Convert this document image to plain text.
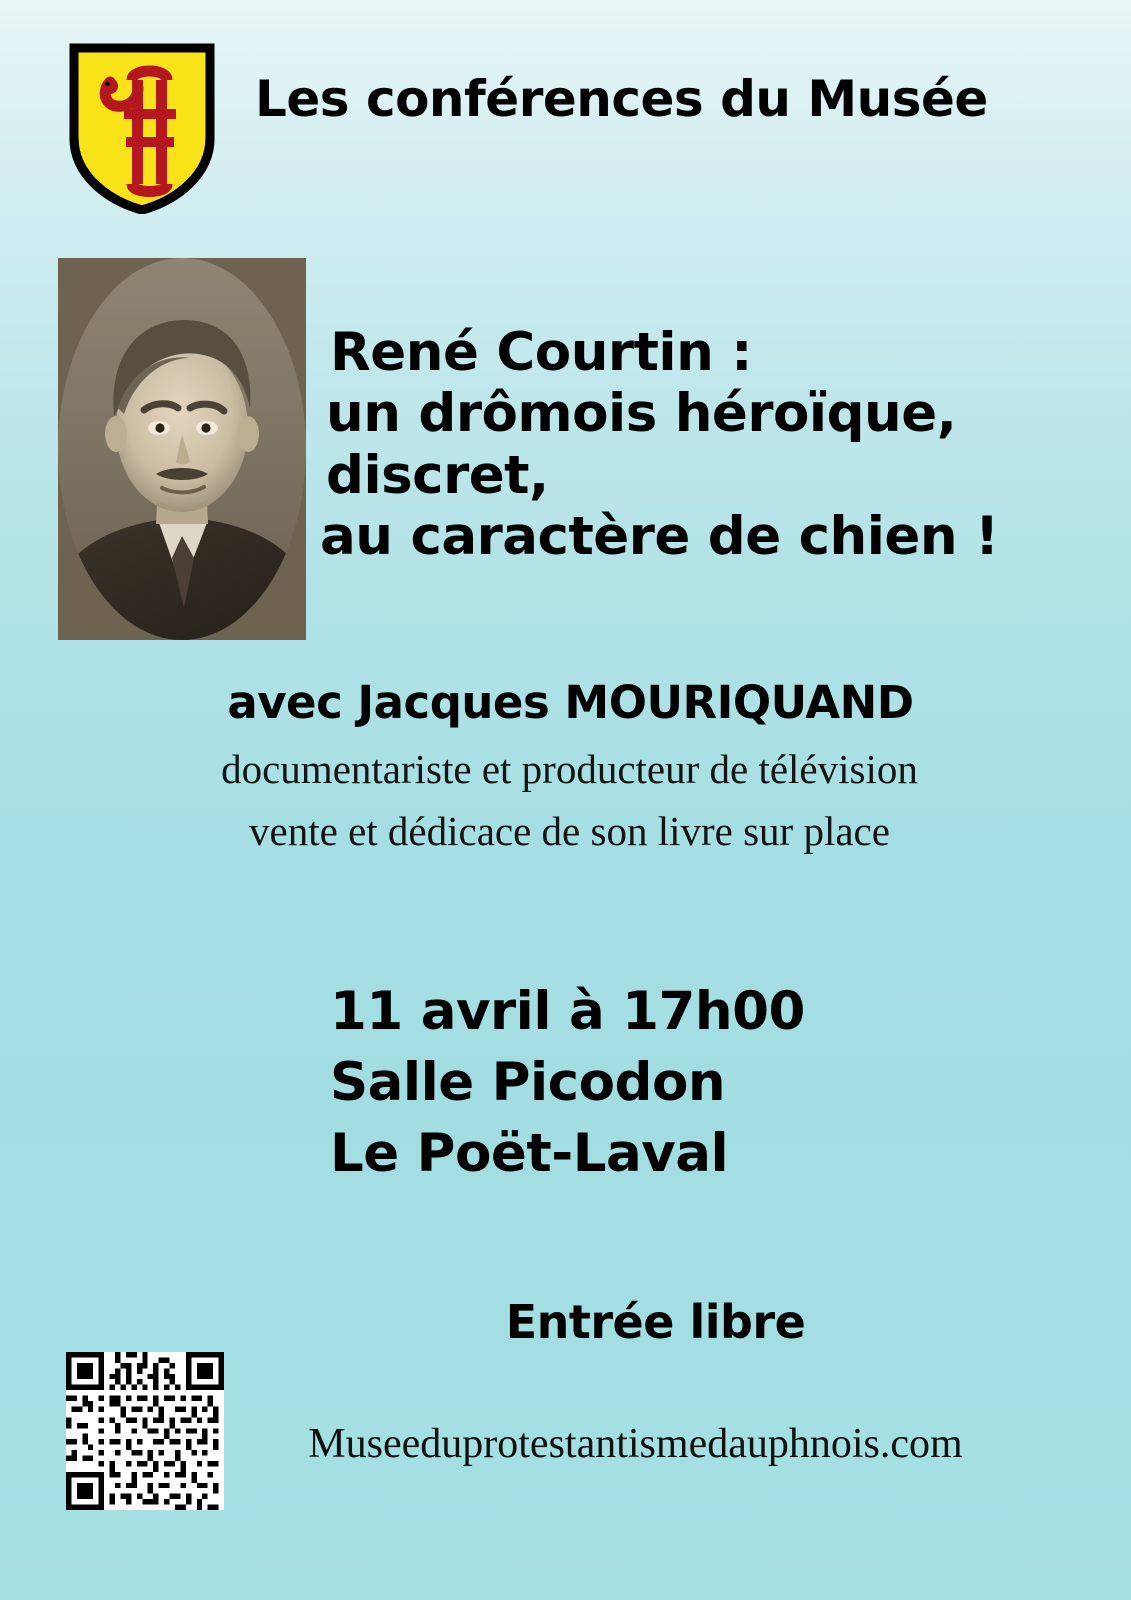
Les conférences du Musée
René Courtin :
un drômois héroïque,
discret,
au caractère de chien !
avec Jacques MOURIQUAND
documentariste et producteur de télévision
vente et dédicace de son livre sur place
11 avril à 17h00
Salle Picodon
Le Poët-Laval
Entrée libre
Museeduprotestantismedauphnois.com
